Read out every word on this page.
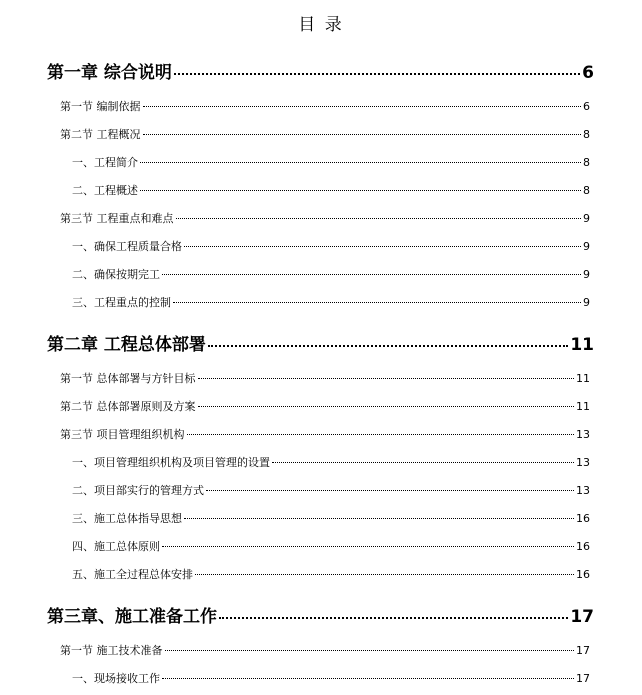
目 录
第一章 综合说明	6
第一节 编制依据	6
第二节 工程概况	8
一、工程简介	8
二、工程概述	8
第三节 工程重点和难点	9
一、确保工程质量合格	9
二、确保按期完工	9
三、工程重点的控制	9
第二章 工程总体部署	11
第一节 总体部署与方针目标	11
第二节 总体部署原则及方案	11
第三节 项目管理组织机构	13
一、项目管理组织机构及项目管理的设置	13
二、项目部实行的管理方式	13
三、施工总体指导思想	16
四、施工总体原则	16
五、施工全过程总体安排	16
第三章、施工准备工作	17
第一节 施工技术准备	17
一、现场接收工作	17
